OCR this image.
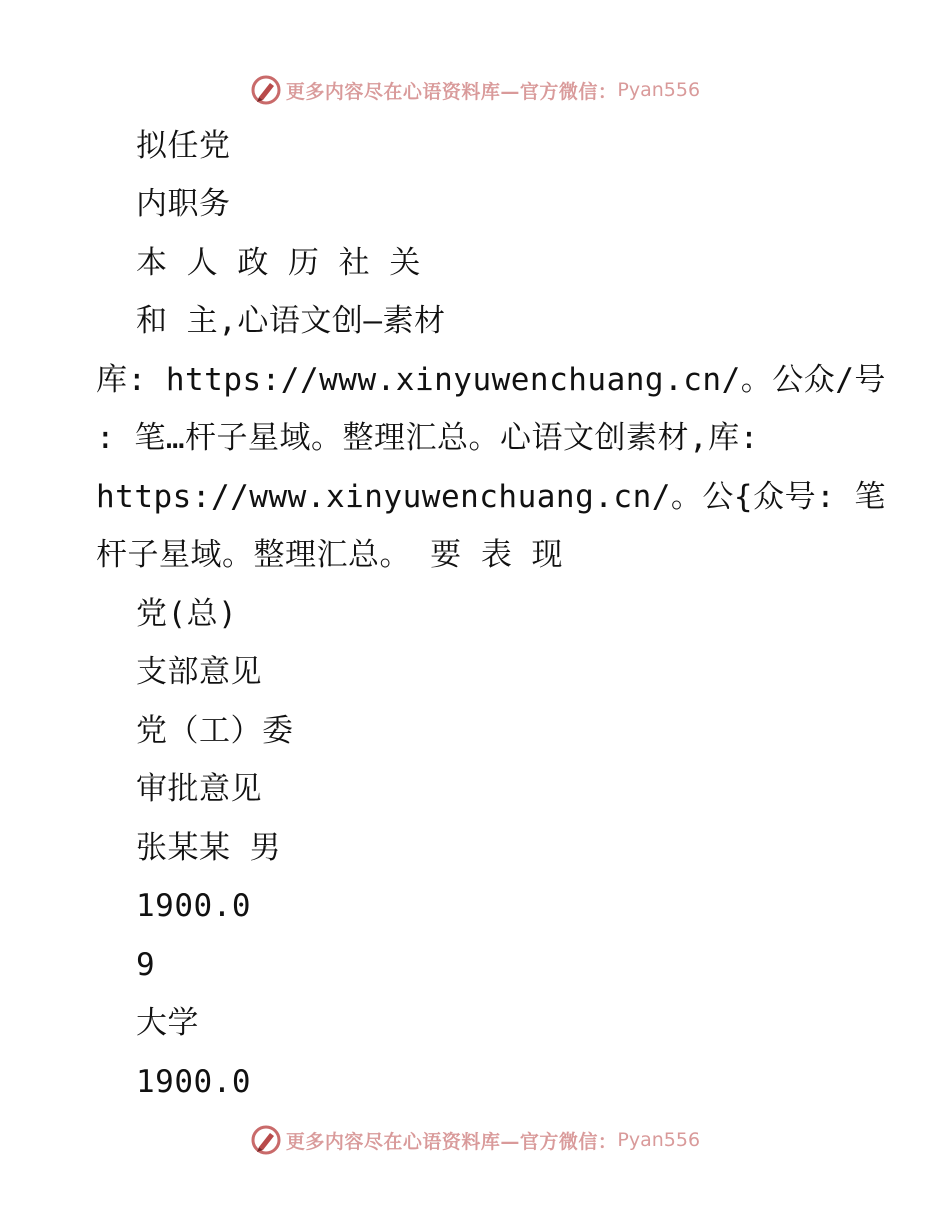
更多内容尽在心语资料库—官方微信： Pyan556
拟任党
内职务
本 人 政 历 社 关
和 主,心语文创—素材
库: https://www.xinyuwenchuang.cn/。公众/号
: 笔…杆子星域。整理汇总。心语文创素材,库:
https://www.xinyuwenchuang.cn/。公{众号: 笔
杆子星域。整理汇总。 要 表 现
党(总)
支部意见
党（工）委
审批意见
张某某 男
1900.0
9
大学
1900.0
更多内容尽在心语资料库—官方微信： Pyan556
